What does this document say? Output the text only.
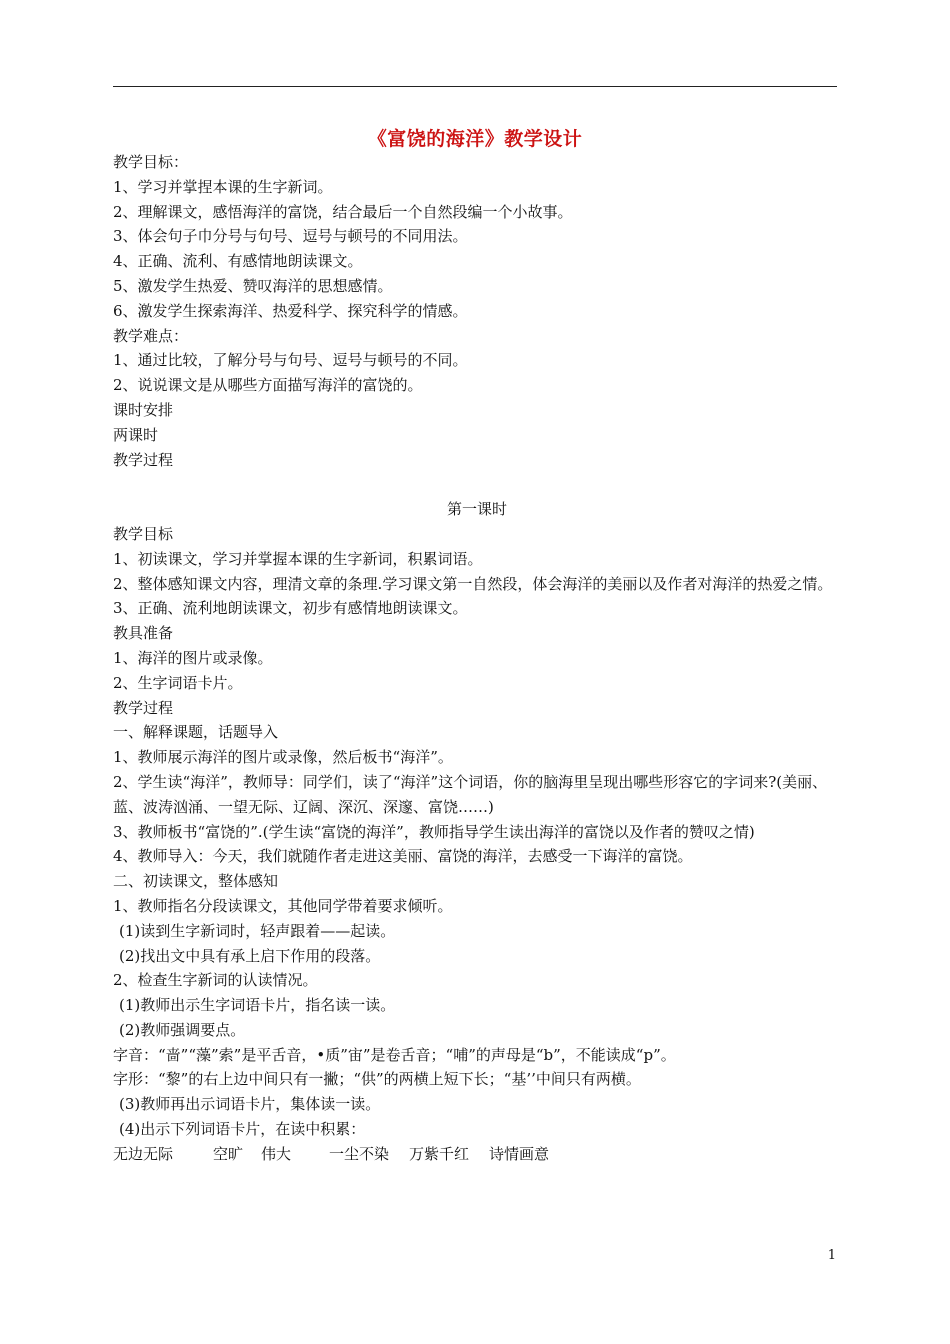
《富饶的海洋》教学设计
教学目标：
1、学习并掌捏本课的生字新词。
2、理解课文，感悟海洋的富饶，结合最后一个自然段编一个小故事。
3、体会句子巾分号与句号、逗号与顿号的不同用法。
4、正确、流利、有感情地朗读课文。
5、激发学生热爱、赞叹海洋的思想感情。
6、激发学生探索海洋、热爱科学、探究科学的情感。
教学难点：
1、通过比较，了解分号与句号、逗号与顿号的不同。
2、说说课文是从哪些方面描写海洋的富饶的。
课时安排
两课时
教学过程
第一课时
教学目标
1、初读课文，学习并掌握本课的生字新词，积累词语。
2、整体感知课文内容，理清文章的条理.学习课文第一自然段，体会海洋的美丽以及作者对海洋的热爱之情。
3、正确、流利地朗读课文，初步有感情地朗读课文。
教具准备
1、海洋的图片或录像。
2、生字词语卡片。
教学过程
一、解释课题，话题导入
1、教师展示海洋的图片或录像，然后板书“海洋”。
2、学生读“海洋”，教师导：同学们，读了“海洋”这个词语，你的脑海里呈现出哪些形容它的字词来?(美丽、蓝、波涛汹涌、一望无际、辽阔、深沉、深邃、富饶……)
3、教师板书“富饶的”.(学生读“富饶的海洋”，教师指导学生读出海洋的富饶以及作者的赞叹之情)
4、教师导入：今天，我们就随作者走进这美丽、富饶的海洋，去感受一下诲洋的富饶。
二、初读课文，整体感知
1、教师指名分段读课文，其他同学带着要求倾听。
(1)读到生字新词时，轻声跟着——起读。
(2)找出文中具有承上启下作用的段落。
2、检查生字新词的认读情况。
(1)教师出示生字词语卡片，指名读一读。
(2)教师强调要点。
字音：“啬”“藻”索”是平舌音，•质”宙”是卷舌音；“哺”的声母是“b”，不能读成“p”。
字形：“黎”的右上边中间只有一撇；“供”的两横上短下长；“基’’中间只有两横。
(3)教师再出示词语卡片，集体读一读。
(4)出示下列词语卡片，在读中积累：
无边无际	空旷 伟大	一尘不染 万紫千红 诗情画意
1
